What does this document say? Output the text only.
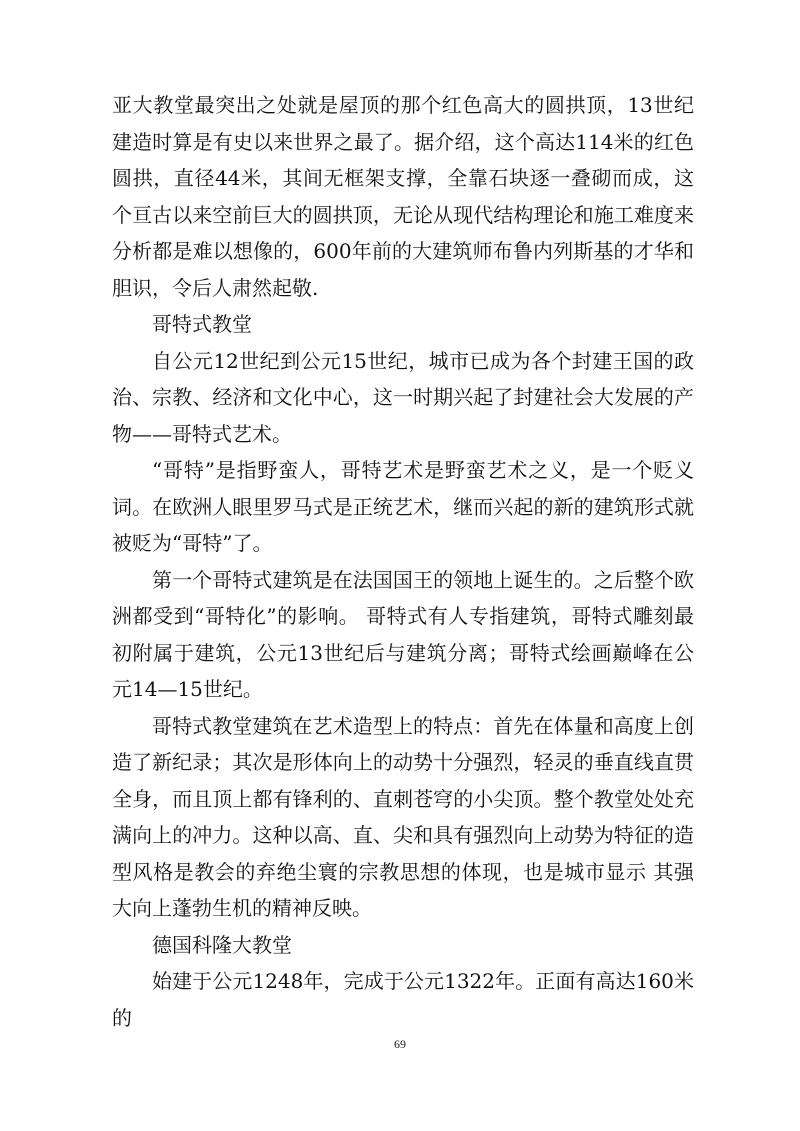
亚大教堂最突出之处就是屋顶的那个红色高大的圆拱顶，13世纪建造时算是有史以来世界之最了。据介绍，这个高达114米的红色圆拱，直径44米，其间无框架支撑，全靠石块逐一叠砌而成，这个亘古以来空前巨大的圆拱顶，无论从现代结构理论和施工难度来分析都是难以想像的，600年前的大建筑师布鲁内列斯基的才华和胆识，令后人肃然起敬.

哥特式教堂

自公元12世纪到公元15世纪，城市已成为各个封建王国的政治、宗教、经济和文化中心，这一时期兴起了封建社会大发展的产物——哥特式艺术。

“哥特”是指野蛮人，哥特艺术是野蛮艺术之义，是一个贬义词。在欧洲人眼里罗马式是正统艺术，继而兴起的新的建筑形式就被贬为“哥特”了。

第一个哥特式建筑是在法国国王的领地上诞生的。之后整个欧洲都受到“哥特化”的影响。 哥特式有人专指建筑，哥特式雕刻最初附属于建筑，公元13世纪后与建筑分离；哥特式绘画巅峰在公元14—15世纪。

哥特式教堂建筑在艺术造型上的特点：首先在体量和高度上创造了新纪录；其次是形体向上的动势十分强烈，轻灵的垂直线直贯全身，而且顶上都有锋利的、直刺苍穹的小尖顶。整个教堂处处充满向上的冲力。这种以高、直、尖和具有强烈向上动势为特征的造型风格是教会的弃绝尘寰的宗教思想的体现，也是城市显示 其强大向上蓬勃生机的精神反映。

德国科隆大教堂

始建于公元1248年，完成于公元1322年。正面有高达160米的

69
